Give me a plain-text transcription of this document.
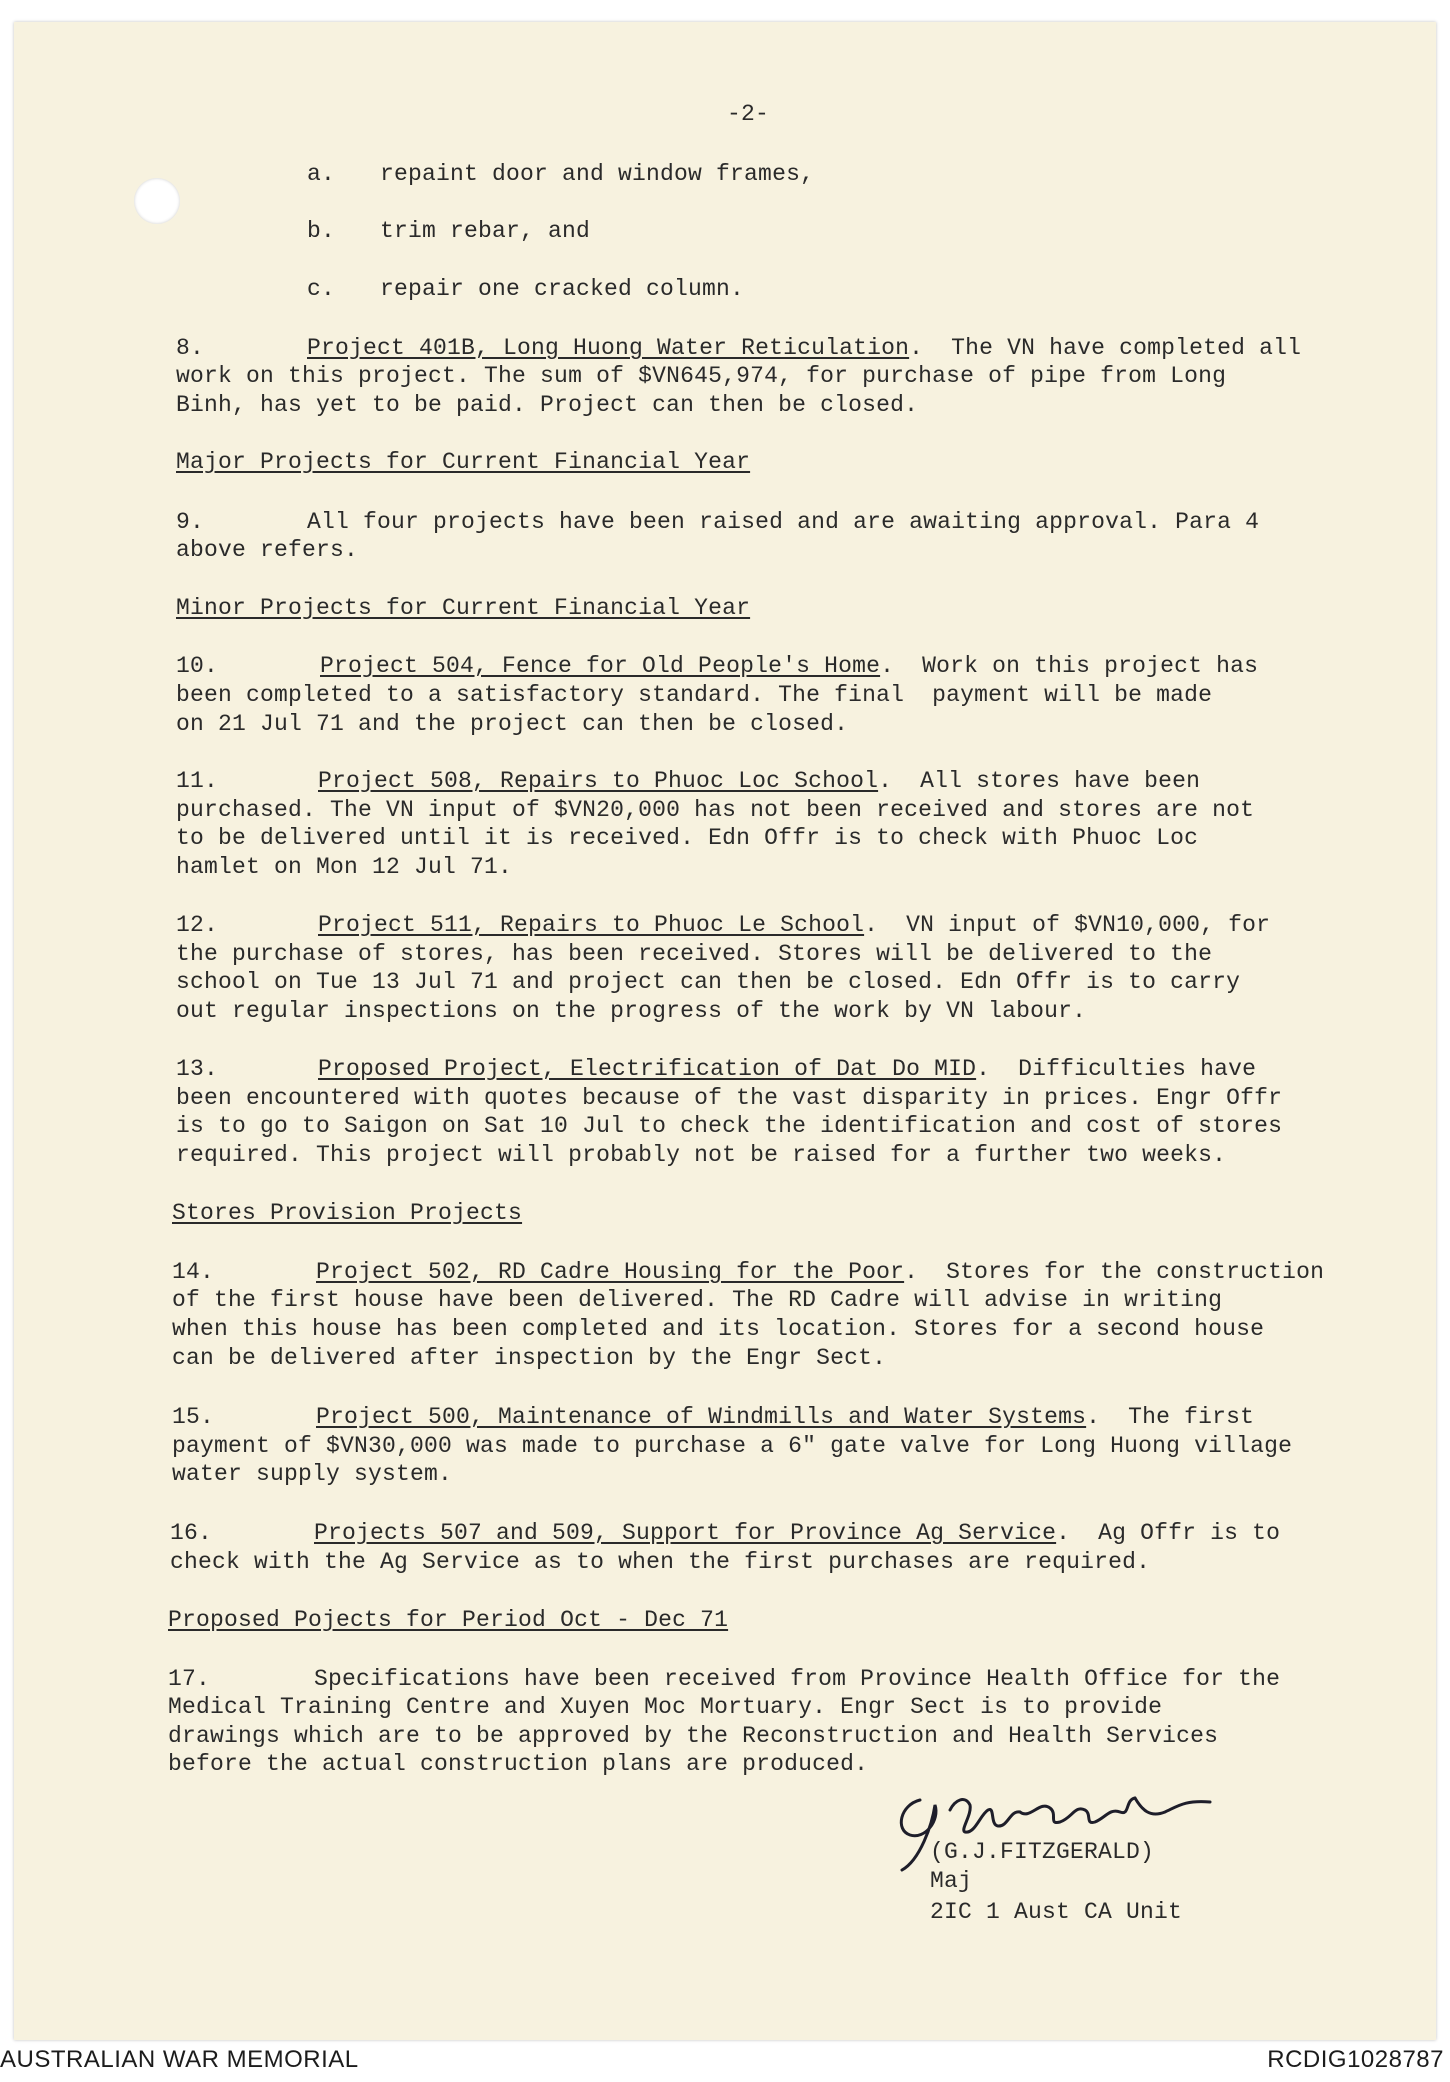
-2-
a. repaint door and window frames,
b. trim rebar, and
c. repair one cracked column.
8.	Project 401B, Long Huong Water Reticulation.  The VN have completed all
work on this project. The sum of $VN645,974, for purchase of pipe from Long
Binh, has yet to be paid. Project can then be closed.
Major Projects for Current Financial Year
9.	All four projects have been raised and are awaiting approval. Para 4
above refers.
Minor Projects for Current Financial Year
10.	Project 504, Fence for Old People's Home.  Work on this project has
been completed to a satisfactory standard. The final  payment will be made
on 21 Jul 71 and the project can then be closed.
11.	Project 508, Repairs to Phuoc Loc School.  All stores have been
purchased. The VN input of $VN20,000 has not been received and stores are not
to be delivered until it is received. Edn Offr is to check with Phuoc Loc
hamlet on Mon 12 Jul 71.
12.	Project 511, Repairs to Phuoc Le School.  VN input of $VN10,000, for
the purchase of stores, has been received. Stores will be delivered to the
school on Tue 13 Jul 71 and project can then be closed. Edn Offr is to carry
out regular inspections on the progress of the work by VN labour.
13.	Proposed Project, Electrification of Dat Do MID.  Difficulties have
been encountered with quotes because of the vast disparity in prices. Engr Offr
is to go to Saigon on Sat 10 Jul to check the identification and cost of stores
required. This project will probably not be raised for a further two weeks.
Stores Provision Projects
14.	Project 502, RD Cadre Housing for the Poor.  Stores for the construction
of the first house have been delivered. The RD Cadre will advise in writing
when this house has been completed and its location. Stores for a second house
can be delivered after inspection by the Engr Sect.
15.	Project 500, Maintenance of Windmills and Water Systems.  The first
payment of $VN30,000 was made to purchase a 6" gate valve for Long Huong village
water supply system.
16.	Projects 507 and 509, Support for Province Ag Service.  Ag Offr is to
check with the Ag Service as to when the first purchases are required.
Proposed Pojects for Period Oct - Dec 71
17.	Specifications have been received from Province Health Office for the
Medical Training Centre and Xuyen Moc Mortuary. Engr Sect is to provide
drawings which are to be approved by the Reconstruction and Health Services
before the actual construction plans are produced.
(G.J.FITZGERALD)
Maj
2IC 1 Aust CA Unit
AUSTRALIAN WAR MEMORIAL	RCDIG1028787
